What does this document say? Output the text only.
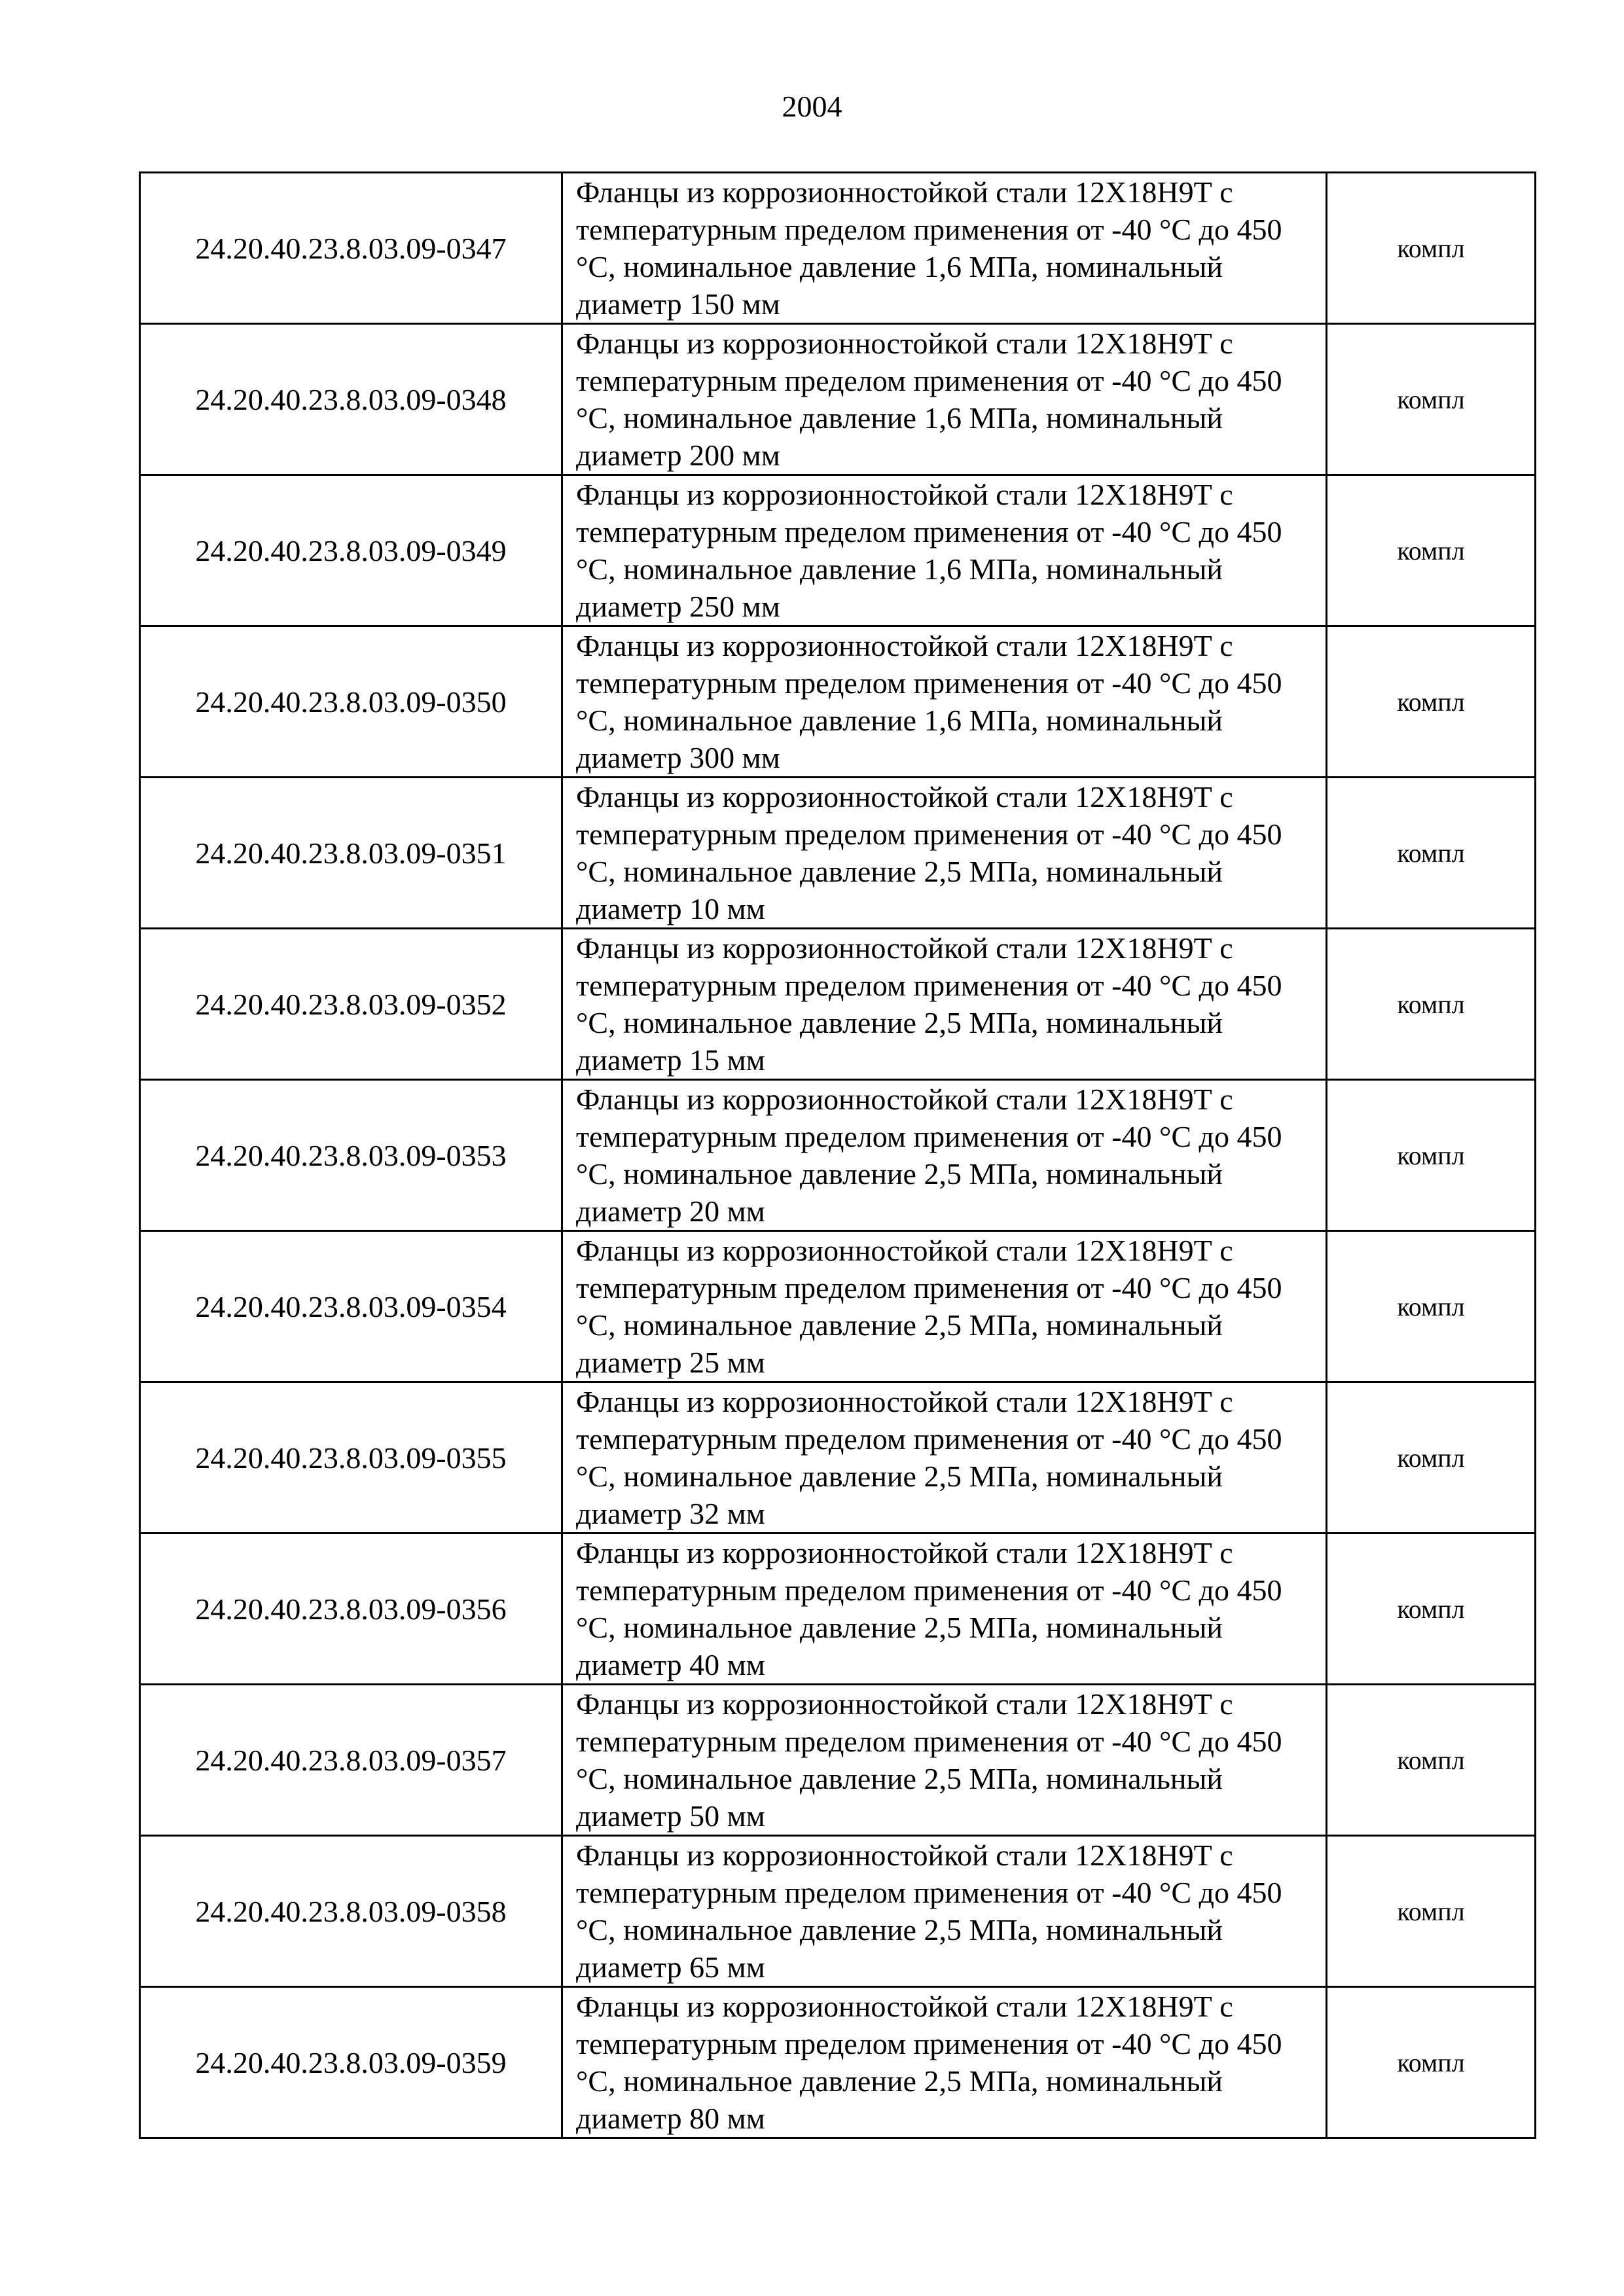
2004
24.20.40.23.8.03.09-0347	Фланцы из коррозионностойкой стали 12Х18Н9Т с температурным пределом применения от -40 °С до 450 °С, номинальное давление 1,6 МПа, номинальный диаметр 150 мм	компл
24.20.40.23.8.03.09-0348	Фланцы из коррозионностойкой стали 12Х18Н9Т с температурным пределом применения от -40 °С до 450 °С, номинальное давление 1,6 МПа, номинальный диаметр 200 мм	компл
24.20.40.23.8.03.09-0349	Фланцы из коррозионностойкой стали 12Х18Н9Т с температурным пределом применения от -40 °С до 450 °С, номинальное давление 1,6 МПа, номинальный диаметр 250 мм	компл
24.20.40.23.8.03.09-0350	Фланцы из коррозионностойкой стали 12Х18Н9Т с температурным пределом применения от -40 °С до 450 °С, номинальное давление 1,6 МПа, номинальный диаметр 300 мм	компл
24.20.40.23.8.03.09-0351	Фланцы из коррозионностойкой стали 12Х18Н9Т с температурным пределом применения от -40 °С до 450 °С, номинальное давление 2,5 МПа, номинальный диаметр 10 мм	компл
24.20.40.23.8.03.09-0352	Фланцы из коррозионностойкой стали 12Х18Н9Т с температурным пределом применения от -40 °С до 450 °С, номинальное давление 2,5 МПа, номинальный диаметр 15 мм	компл
24.20.40.23.8.03.09-0353	Фланцы из коррозионностойкой стали 12Х18Н9Т с температурным пределом применения от -40 °С до 450 °С, номинальное давление 2,5 МПа, номинальный диаметр 20 мм	компл
24.20.40.23.8.03.09-0354	Фланцы из коррозионностойкой стали 12Х18Н9Т с температурным пределом применения от -40 °С до 450 °С, номинальное давление 2,5 МПа, номинальный диаметр 25 мм	компл
24.20.40.23.8.03.09-0355	Фланцы из коррозионностойкой стали 12Х18Н9Т с температурным пределом применения от -40 °С до 450 °С, номинальное давление 2,5 МПа, номинальный диаметр 32 мм	компл
24.20.40.23.8.03.09-0356	Фланцы из коррозионностойкой стали 12Х18Н9Т с температурным пределом применения от -40 °С до 450 °С, номинальное давление 2,5 МПа, номинальный диаметр 40 мм	компл
24.20.40.23.8.03.09-0357	Фланцы из коррозионностойкой стали 12Х18Н9Т с температурным пределом применения от -40 °С до 450 °С, номинальное давление 2,5 МПа, номинальный диаметр 50 мм	компл
24.20.40.23.8.03.09-0358	Фланцы из коррозионностойкой стали 12Х18Н9Т с температурным пределом применения от -40 °С до 450 °С, номинальное давление 2,5 МПа, номинальный диаметр 65 мм	компл
24.20.40.23.8.03.09-0359	Фланцы из коррозионностойкой стали 12Х18Н9Т с температурным пределом применения от -40 °С до 450 °С, номинальное давление 2,5 МПа, номинальный диаметр 80 мм	компл
